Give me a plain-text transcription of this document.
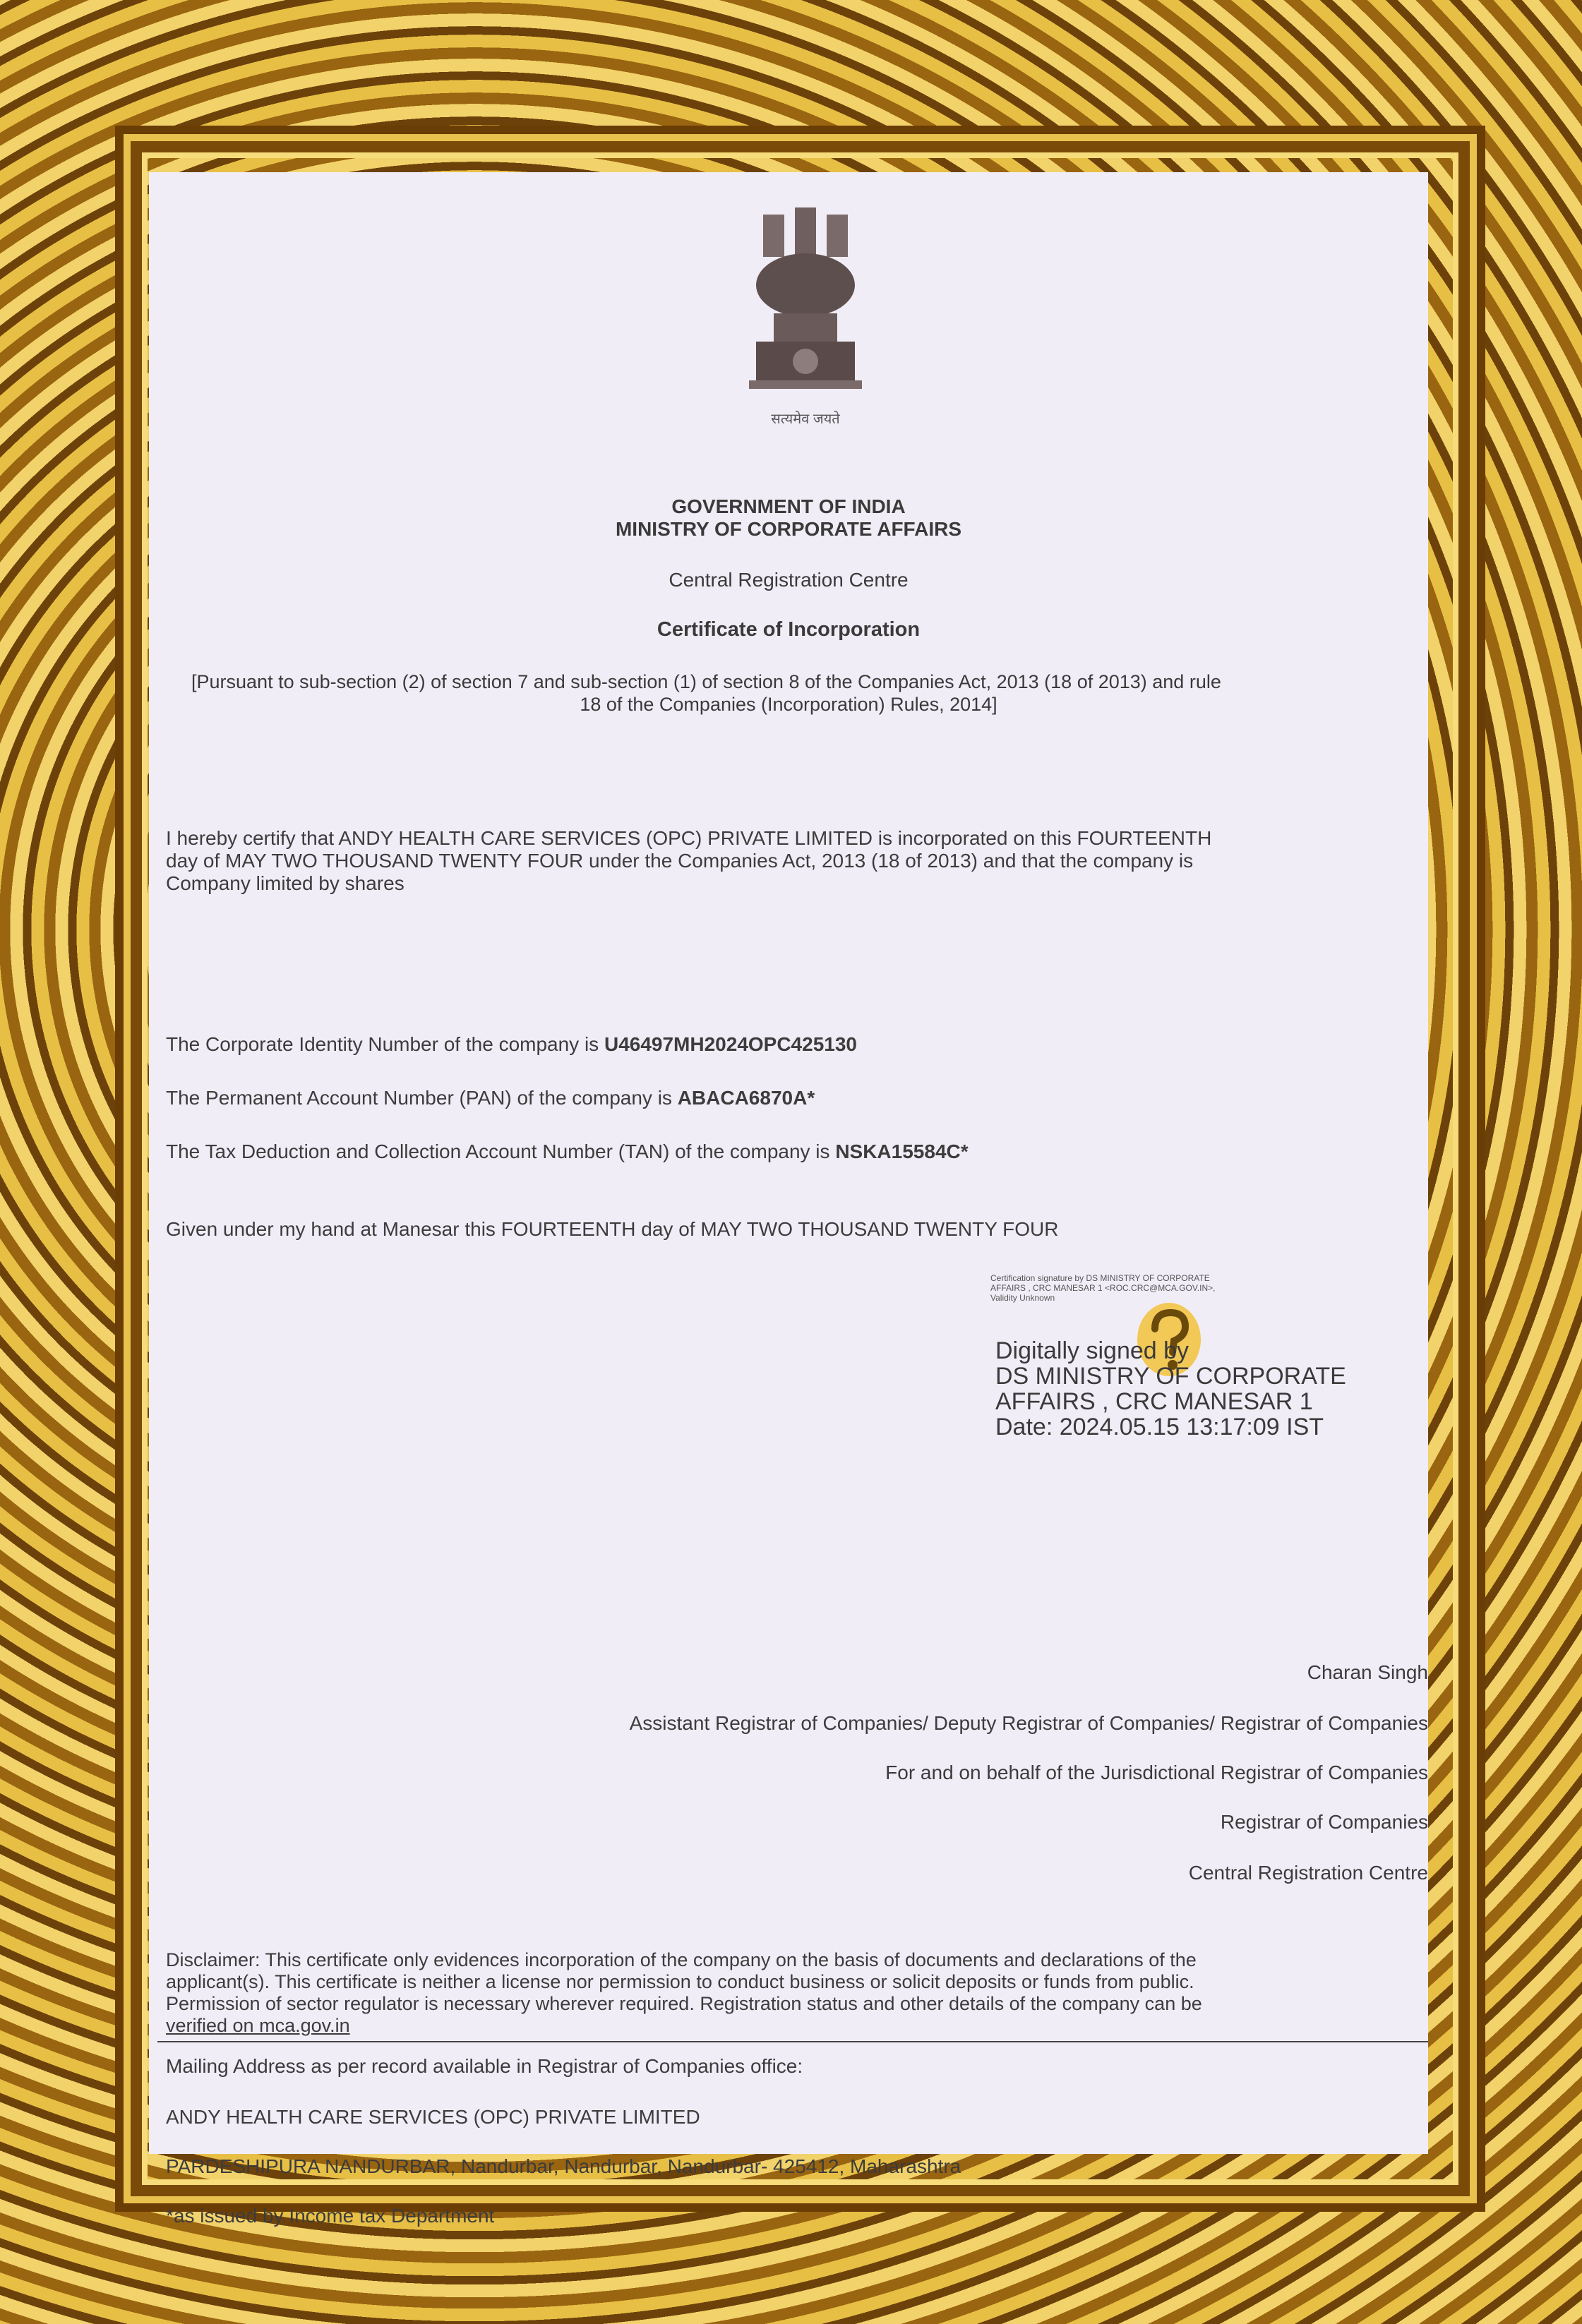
सत्यमेव जयते
GOVERNMENT OF INDIA
MINISTRY OF CORPORATE AFFAIRS
Central Registration Centre
Certificate of Incorporation
[Pursuant to sub-section (2) of section 7 and sub-section (1) of section 8 of the Companies Act, 2013 (18 of 2013) and rule
18 of the Companies (Incorporation) Rules, 2014]
I hereby certify that ANDY HEALTH CARE SERVICES (OPC) PRIVATE LIMITED is incorporated on this FOURTEENTH
day of MAY TWO THOUSAND TWENTY FOUR under the Companies Act, 2013 (18 of 2013) and that the company is
Company limited by shares
The Corporate Identity Number of the company is U46497MH2024OPC425130
The Permanent Account Number (PAN) of the company is ABACA6870A*
The Tax Deduction and Collection Account Number (TAN) of the company is NSKA15584C*
Given under my hand at Manesar this FOURTEENTH day of MAY TWO THOUSAND TWENTY FOUR
Certification signature by DS MINISTRY OF CORPORATE
AFFAIRS , CRC MANESAR 1 <ROC.CRC@MCA.GOV.IN>,
Validity Unknown
Digitally signed by
DS MINISTRY OF CORPORATE
AFFAIRS , CRC MANESAR 1
Date: 2024.05.15 13:17:09 IST
Charan Singh
Assistant Registrar of Companies/ Deputy Registrar of Companies/ Registrar of Companies
For and on behalf of the Jurisdictional Registrar of Companies
Registrar of Companies
Central Registration Centre
Disclaimer: This certificate only evidences incorporation of the company on the basis of documents and declarations of the
applicant(s). This certificate is neither a license nor permission to conduct business or solicit deposits or funds from public.
Permission of sector regulator is necessary wherever required. Registration status and other details of the company can be
verified on mca.gov.in
Mailing Address as per record available in Registrar of Companies office:
ANDY HEALTH CARE SERVICES (OPC) PRIVATE LIMITED
PARDESHIPURA NANDURBAR, Nandurbar, Nandurbar, Nandurbar- 425412, Maharashtra
*as issued by Income tax Department
